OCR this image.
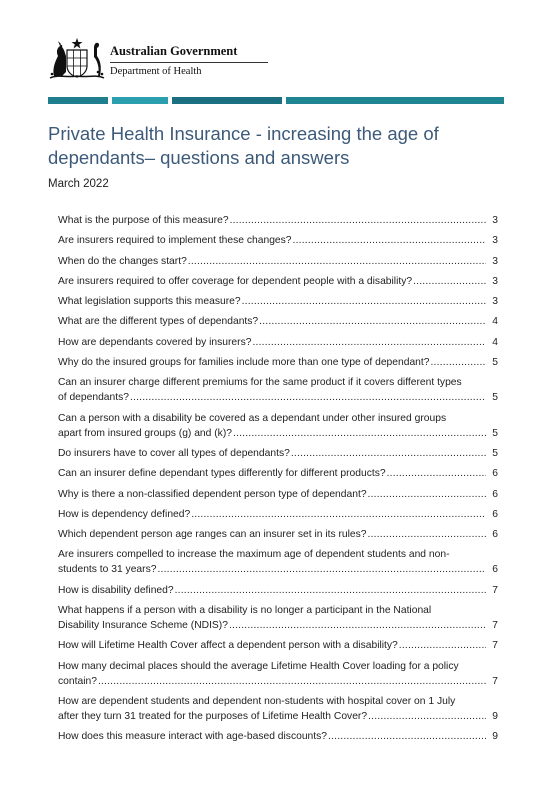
Australian Government
Department of Health
Private Health Insurance - increasing the age of dependants– questions and answers
March 2022
What is the purpose of this measure? .....	3
Are insurers required to implement these changes? .....	3
When do the changes start? .....	3
Are insurers required to offer coverage for dependent people with a disability? .....	3
What legislation supports this measure? .....	3
What are the different types of dependants? .....	4
How are dependants covered by insurers? .....	4
Why do the insured groups for families include more than one type of dependant? .....	5
Can an insurer charge different premiums for the same product if it covers different types
of dependants? .....	5
Can a person with a disability be covered as a dependant under other insured groups
apart from insured groups (g) and (k)? .....	5
Do insurers have to cover all types of dependants? .....	5
Can an insurer define dependant types differently for different products? .....	6
Why is there a non-classified dependent person type of dependant? .....	6
How is dependency defined? .....	6
Which dependent person age ranges can an insurer set in its rules? .....	6
Are insurers compelled to increase the maximum age of dependent students and non-
students to 31 years? .....	6
How is disability defined? .....	7
What happens if a person with a disability is no longer a participant in the National
Disability Insurance Scheme (NDIS)? .....	7
How will Lifetime Health Cover affect a dependent person with a disability? .....	7
How many decimal places should the average Lifetime Health Cover loading for a policy
contain? .....	7
How are dependent students and dependent non-students with hospital cover on 1 July
after they turn 31 treated for the purposes of Lifetime Health Cover? .....	9
How does this measure interact with age-based discounts? .....	9
